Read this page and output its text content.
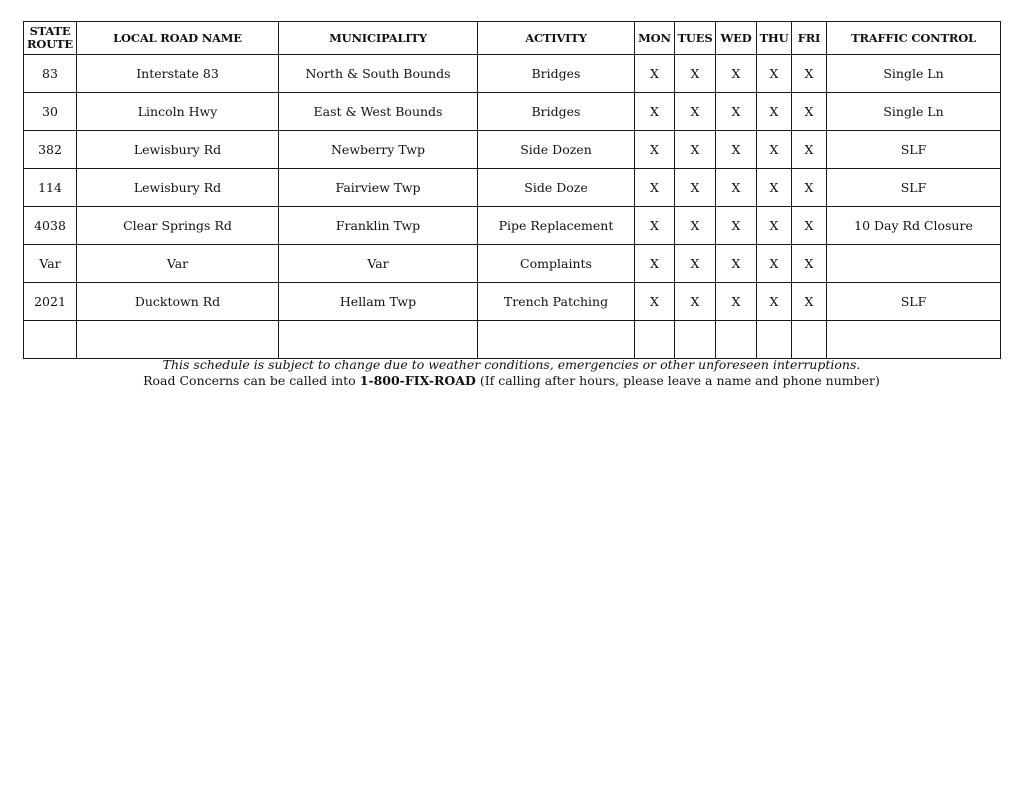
STATE
ROUTE	LOCAL ROAD NAME	MUNICIPALITY	ACTIVITY	MON	TUES	WED	THU	FRI	TRAFFIC CONTROL
83	Interstate 83	North & South Bounds	Bridges	X	X	X	X	X	Single Ln
30	Lincoln Hwy	East & West Bounds	Bridges	X	X	X	X	X	Single Ln
382	Lewisbury Rd	Newberry Twp	Side Dozen	X	X	X	X	X	SLF
114	Lewisbury Rd	Fairview Twp	Side Doze	X	X	X	X	X	SLF
4038	Clear Springs Rd	Franklin Twp	Pipe Replacement	X	X	X	X	X	10 Day Rd Closure
Var	Var	Var	Complaints	X	X	X	X	X	
2021	Ducktown Rd	Hellam Twp	Trench Patching	X	X	X	X	X	SLF

This schedule is subject to change due to weather conditions, emergencies or other unforeseen interruptions.
Road Concerns can be called into 1-800-FIX-ROAD (If calling after hours, please leave a name and phone number)
